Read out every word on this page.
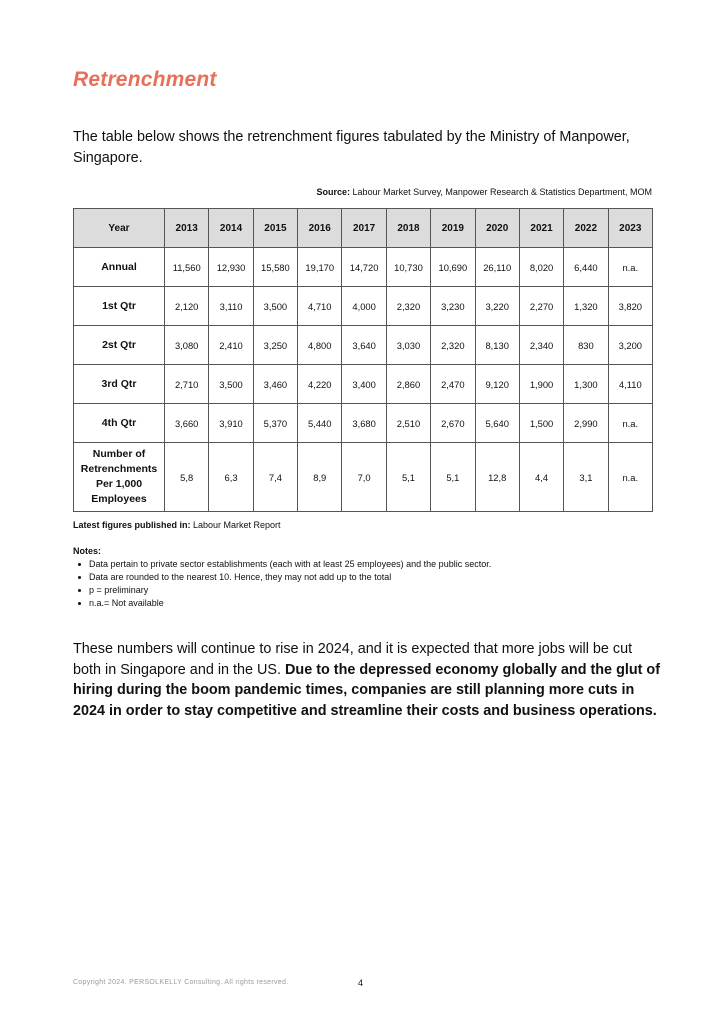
Retrenchment

The table below shows the retrenchment figures tabulated by the Ministry of Manpower, Singapore.

Source: Labour Market Survey, Manpower Research & Statistics Department, MOM

Year	2013	2014	2015	2016	2017	2018	2019	2020	2021	2022	2023
Annual	11,560	12,930	15,580	19,170	14,720	10,730	10,690	26,110	8,020	6,440	n.a.
1st Qtr	2,120	3,110	3,500	4,710	4,000	2,320	3,230	3,220	2,270	1,320	3,820
2st Qtr	3,080	2,410	3,250	4,800	3,640	3,030	2,320	8,130	2,340	830	3,200
3rd Qtr	2,710	3,500	3,460	4,220	3,400	2,860	2,470	9,120	1,900	1,300	4,110
4th Qtr	3,660	3,910	5,370	5,440	3,680	2,510	2,670	5,640	1,500	2,990	n.a.
Number of Retrenchments Per 1,000 Employees	5,8	6,3	7,4	8,9	7,0	5,1	5,1	12,8	4,4	3,1	n.a.

Latest figures published in: Labour Market Report

Notes:

Data pertain to private sector establishments (each with at least 25 employees) and the public sector.
Data are rounded to the nearest 10. Hence, they may not add up to the total
p = preliminary
n.a.= Not available

These numbers will continue to rise in 2024, and it is expected that more jobs will be cut both in Singapore and in the US. Due to the depressed economy globally and the glut of hiring during the boom pandemic times, companies are still planning more cuts in 2024 in order to stay competitive and streamline their costs and business operations.

Copyright 2024. PERSOLKELLY Consulting. All rights reserved.	4
